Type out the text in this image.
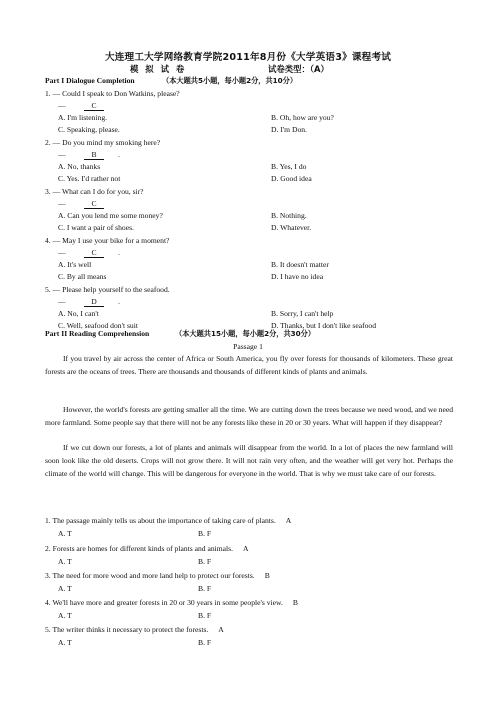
大连理工大学网络教育学院2011年8月份《大学英语3》课程考试
模 拟 试 卷	试卷类型：（A）
Part I Dialogue Completion	（本大题共5小题，每小题2分，共10分）
1. — Could I speak to Don Watkins, please?
—	C
A. I'm listening.	B. Oh, how are you?
C. Speaking, please.	D. I'm Don.
2. — Do you mind my smoking here?
—	B	.
A. No, thanks	B. Yes, I do
C. Yes. I'd rather not	D. Good idea
3. — What can I do for you, sir?
—	C
A. Can you lend me some money?	B. Nothing.
C. I want a pair of shoes.	D. Whatever.
4. — May I use your bike for a moment?
—	C	.
A. It's well	B. It doesn't matter
C. By all means	D. I have no idea
5. — Please help yourself to the seafood.
—	D	.
A. No, I can't	B. Sorry, I can't help
C. Well, seafood don't suit	D. Thanks, but I don't like seafood
Part II Reading Comprehension	（本大题共15小题，每小题2分，共30分）
Passage 1
If you travel by air across the center of Africa or South America, you fly over forests for thousands of kilometers. These great forests are the oceans of trees. There are thousands and thousands of different kinds of plants and animals.
However, the world's forests are getting smaller all the time. We are cutting down the trees because we need wood, and we need more farmland. Some people say that there will not be any forests like these in 20 or 30 years. What will happen if they disappear?
If we cut down our forests, a lot of plants and animals will disappear from the world. In a lot of places the new farmland will soon look like the old deserts. Crops will not grow there. It will not rain very often, and the weather will get very hot. Perhaps the climate of the world will change. This will be dangerous for everyone in the world. That is why we must take care of our forests.
1. The passage mainly tells us about the importance of taking care of plants. A
A. T	B. F
2. Forests are homes for different kinds of plants and animals. A
A. T	B. F
3. The need for more wood and more land help to protect our forests. B
A. T	B. F
4. We'll have more and greater forests in 20 or 30 years in some people's view. B
A. T	B. F
5. The writer thinks it necessary to protect the forests. A
A. T	B. F
